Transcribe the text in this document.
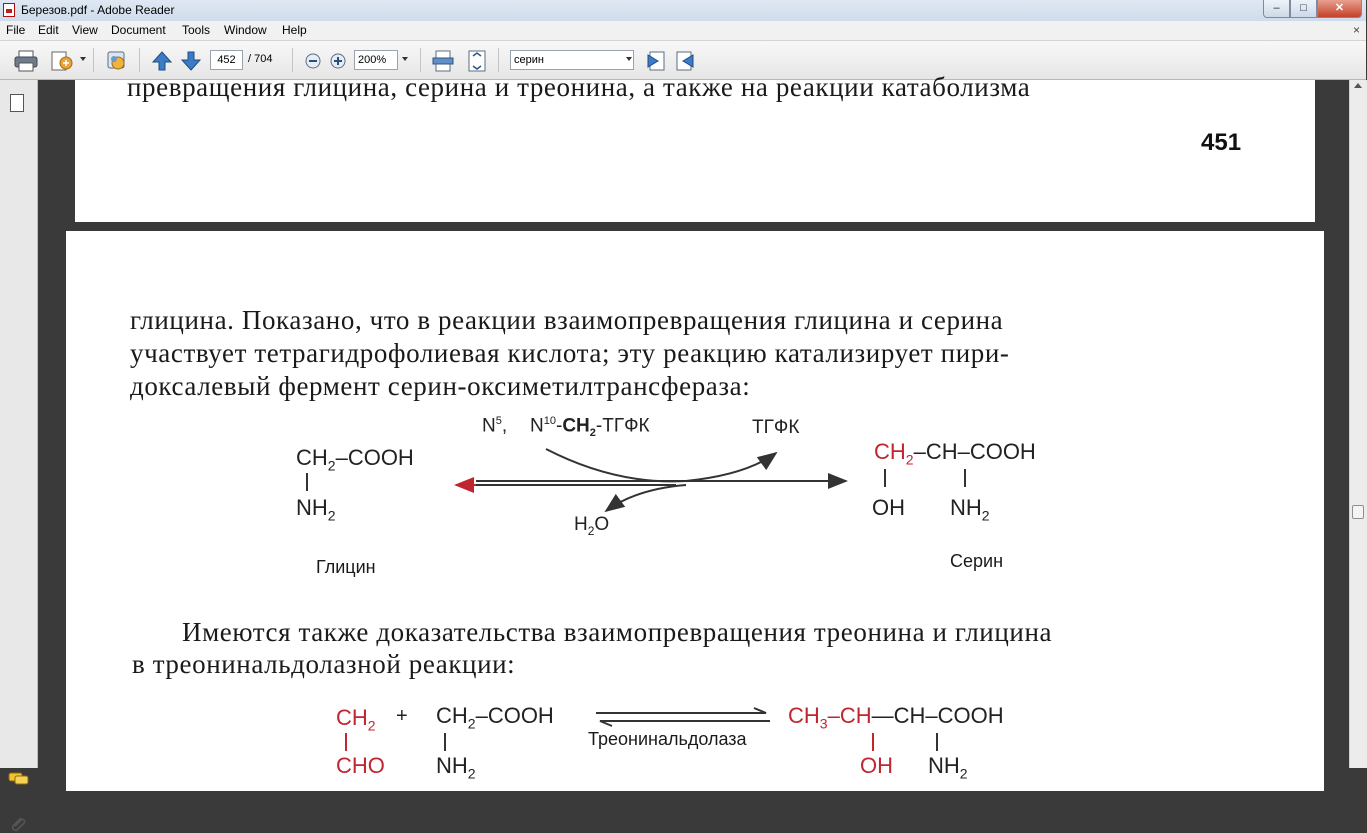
Березов.pdf - Adobe Reader	–	□	✕
File Edit View Document Tools Window Help	×
452	/ 704	200%	серин
превращения глицина, серина и треонина, а также на реакции катаболизма
451
глицина. Показано, что в реакции взаимопревращения глицина и серина
участвует тетрагидрофолиевая кислота; эту реакцию катализирует пири-
доксалевый фермент серин-оксиметилтрансфераза:
$CH_2$–COOH
$NH_2$
$N^5$, $N^{10}-CH_2$-ТГФК	ТГФК
$H_2O$
$CH_2-CH$–COOH
OH $NH_2$
Глицин	Серин
Имеются также доказательства взаимопревращения треонина и глицина
в треонинальдолазной реакции:
$CH_2$ + $CH_2$–COOH
CHO $NH_2$
Треонинальдолаза
$CH_3-CH—CH$–COOH
OH $NH_2$
